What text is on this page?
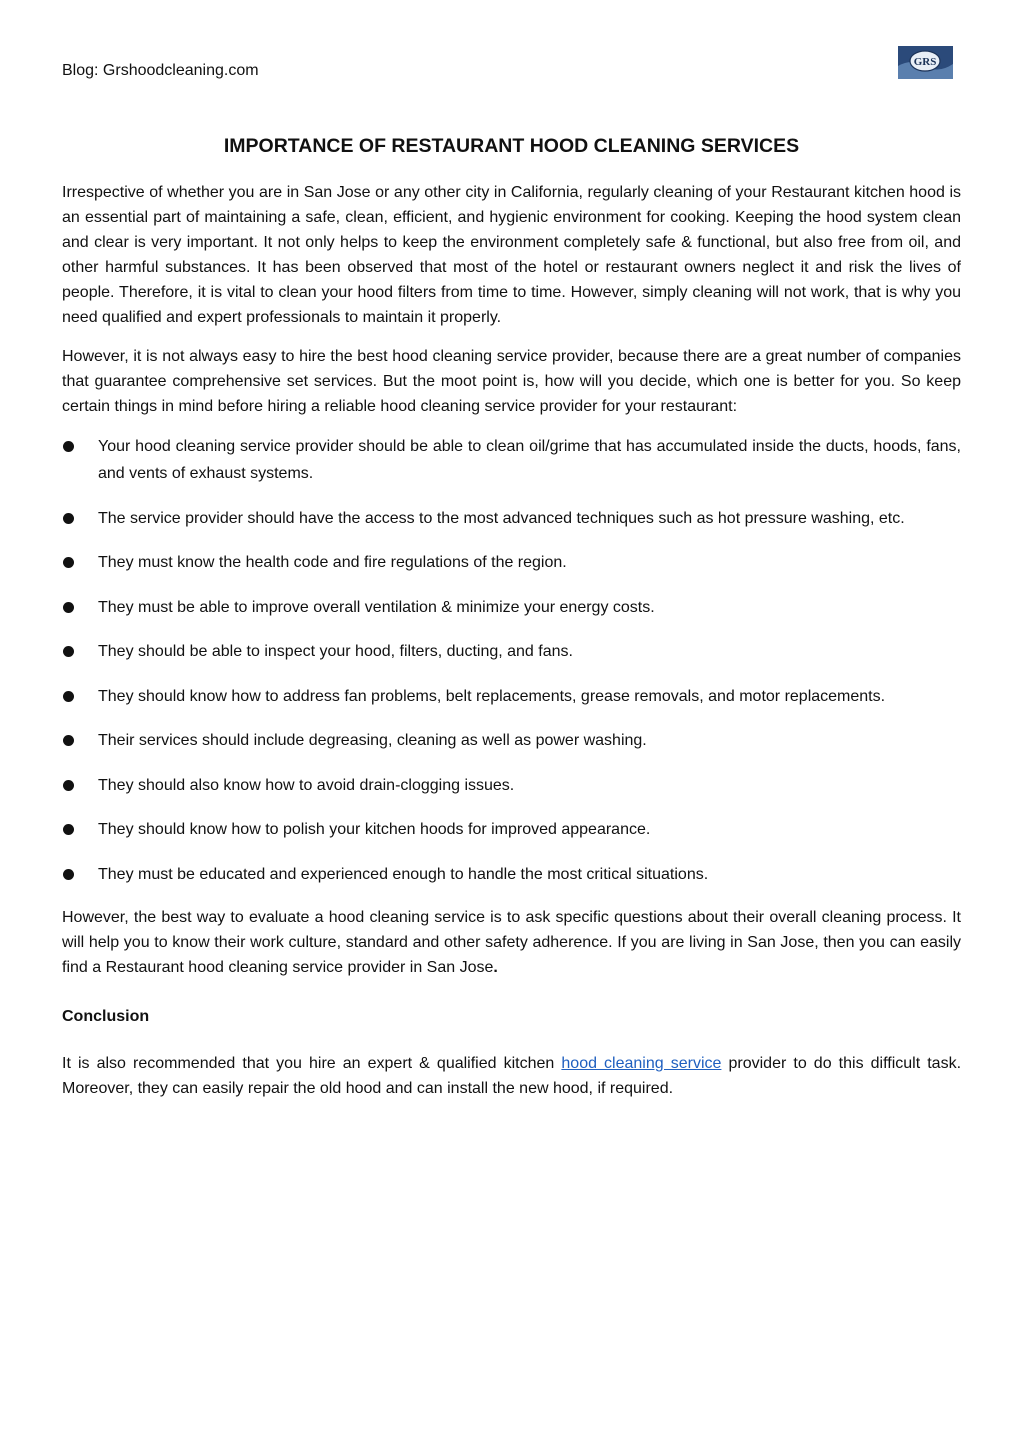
Blog: Grshoodcleaning.com	GRS
IMPORTANCE OF RESTAURANT HOOD CLEANING SERVICES

Irrespective of whether you are in San Jose or any other city in California, regularly cleaning of your Restaurant kitchen hood is an essential part of maintaining a safe, clean, efficient, and hygienic environment for cooking. Keeping the hood system clean and clear is very important. It not only helps to keep the environment completely safe & functional, but also free from oil, and other harmful substances. It has been observed that most of the hotel or restaurant owners neglect it and risk the lives of people. Therefore, it is vital to clean your hood filters from time to time. However, simply cleaning will not work, that is why you need qualified and expert professionals to maintain it properly.

However, it is not always easy to hire the best hood cleaning service provider, because there are a great number of companies that guarantee comprehensive set services. But the moot point is, how will you decide, which one is better for you. So keep certain things in mind before hiring a reliable hood cleaning service provider for your restaurant:

Your hood cleaning service provider should be able to clean oil/grime that has accumulated inside the ducts, hoods, fans, and vents of exhaust systems.
The service provider should have the access to the most advanced techniques such as hot pressure washing, etc.
They must know the health code and fire regulations of the region.
They must be able to improve overall ventilation & minimize your energy costs.
They should be able to inspect your hood, filters, ducting, and fans.
They should know how to address fan problems, belt replacements, grease removals, and motor replacements.
Their services should include degreasing, cleaning as well as power washing.
They should also know how to avoid drain-clogging issues.
They should know how to polish your kitchen hoods for improved appearance.
They must be educated and experienced enough to handle the most critical situations.

However, the best way to evaluate a hood cleaning service is to ask specific questions about their overall cleaning process. It will help you to know their work culture, standard and other safety adherence. If you are living in San Jose, then you can easily find a Restaurant hood cleaning service provider in San Jose.

Conclusion

It is also recommended that you hire an expert & qualified kitchen hood cleaning service provider to do this difficult task. Moreover, they can easily repair the old hood and can install the new hood, if required.
